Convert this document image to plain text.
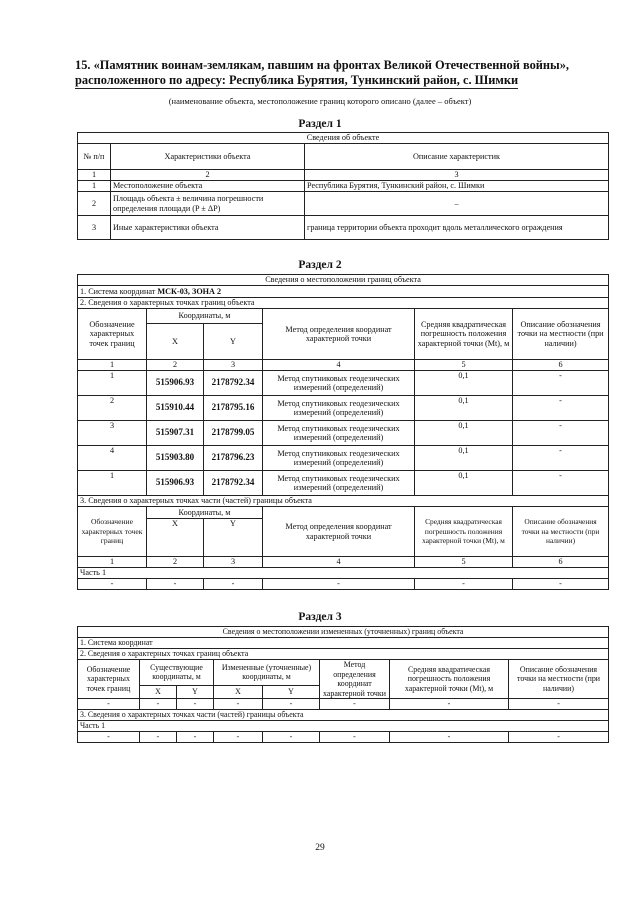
15. «Памятник воинам-землякам, павшим на фронтах Великой Отечественной войны»,
расположенного по адресу: Республика Бурятия, Тункинский район, с. Шимки
(наименование объекта, местоположение границ которого описано (далее – объект)
Раздел 1
Сведения об объекте		
№ п/п	Характеристики объекта	Описание характеристик
1	2	3
1	Местоположение объекта	Республика Бурятия, Тункинский район, с. Шимки
2	Площадь объекта ± величина погрешности определения площади (P ± ΔP)	–
3	Иные характеристики объекта	граница территории объекта проходит вдоль металлического ограждения
Раздел 2
Сведения о местоположении границ объекта					
1. Система координат МСК-03, ЗОНА 2					
2. Сведения о характерных точках границ объекта					
Обозначение характерных точек границ	Координаты, м		Метод определения координат характерной точки	Средняя квадратическая погрешность положения характерной точки (Mt), м	Описание обозначения точки на местности (при наличии)
	X	Y			
1	2	3	4	5	6
1	515906.93	2178792.34	Метод спутниковых геодезических измерений (определений)	0,1	-
2	515910.44	2178795.16	Метод спутниковых геодезических измерений (определений)	0,1	-
3	515907.31	2178799.05	Метод спутниковых геодезических измерений (определений)	0,1	-
4	515903.80	2178796.23	Метод спутниковых геодезических измерений (определений)	0,1	-
1	515906.93	2178792.34	Метод спутниковых геодезических измерений (определений)	0,1	-
3. Сведения о характерных точках части (частей) границы объекта					
Обозначение характерных точек границ	Координаты, м		Метод определения координат характерной точки	Средняя квадратическая погрешность положения характерной точки (Mt), м	Описание обозначения точки на местности (при наличии)
	X	Y			
1	2	3	4	5	6
Часть 1					
-	-	-	-	-	-
Раздел 3
Сведения о местоположении измененных (уточненных) границ объекта							
1. Система координат							
2. Сведения о характерных точках границ объекта							
Обозначение характерных точек границ	Существующие координаты, м		Измененные (уточненные) координаты, м		Метод определения координат характерной точки	Средняя квадратическая погрешность положения характерной точки (Mt), м	Описание обозначения точки на местности (при наличии)
	X	Y	X	Y			
-	-	-	-	-	-	-	-
3. Сведения о характерных точках части (частей) границы объекта							
Часть 1							
-	-	-	-	-	-	-	-
29
